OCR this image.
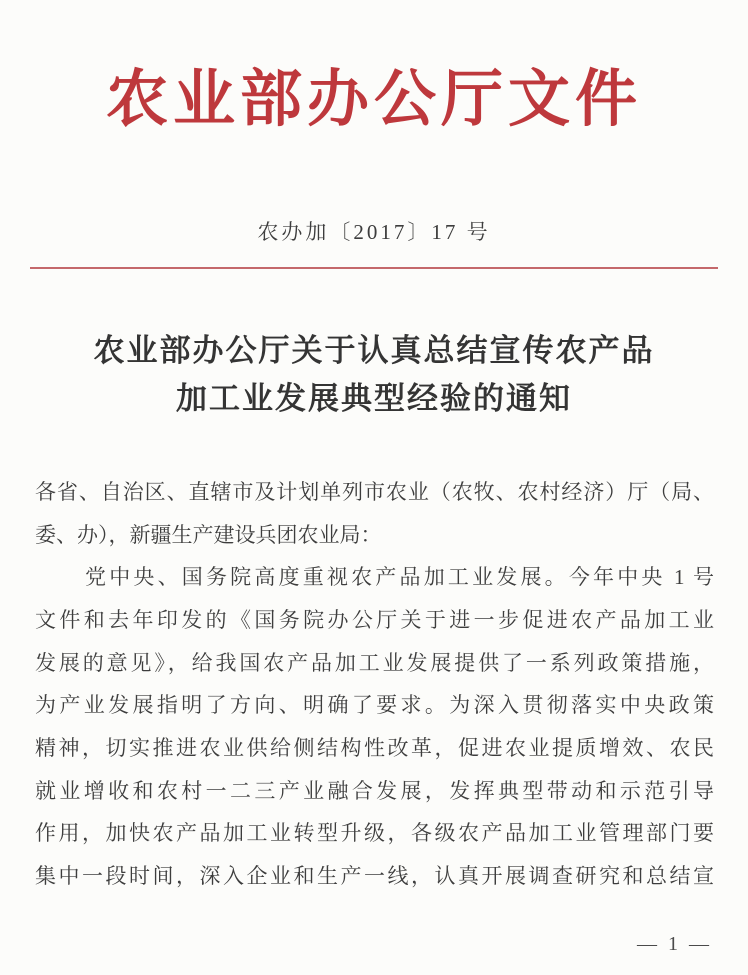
农业部办公厅文件
农办加〔2017〕17 号
农业部办公厅关于认真总结宣传农产品
加工业发展典型经验的通知
各省、自治区、直辖市及计划单列市农业（农牧、农村经济）厅（局、
委、办），新疆生产建设兵团农业局：
党中央、国务院高度重视农产品加工业发展。今年中央 1 号
文件和去年印发的《国务院办公厅关于进一步促进农产品加工业
发展的意见》，给我国农产品加工业发展提供了一系列政策措施，
为产业发展指明了方向、明确了要求。为深入贯彻落实中央政策
精神，切实推进农业供给侧结构性改革，促进农业提质增效、农民
就业增收和农村一二三产业融合发展，发挥典型带动和示范引导
作用，加快农产品加工业转型升级，各级农产品加工业管理部门要
集中一段时间，深入企业和生产一线，认真开展调查研究和总结宣
— 1 —
